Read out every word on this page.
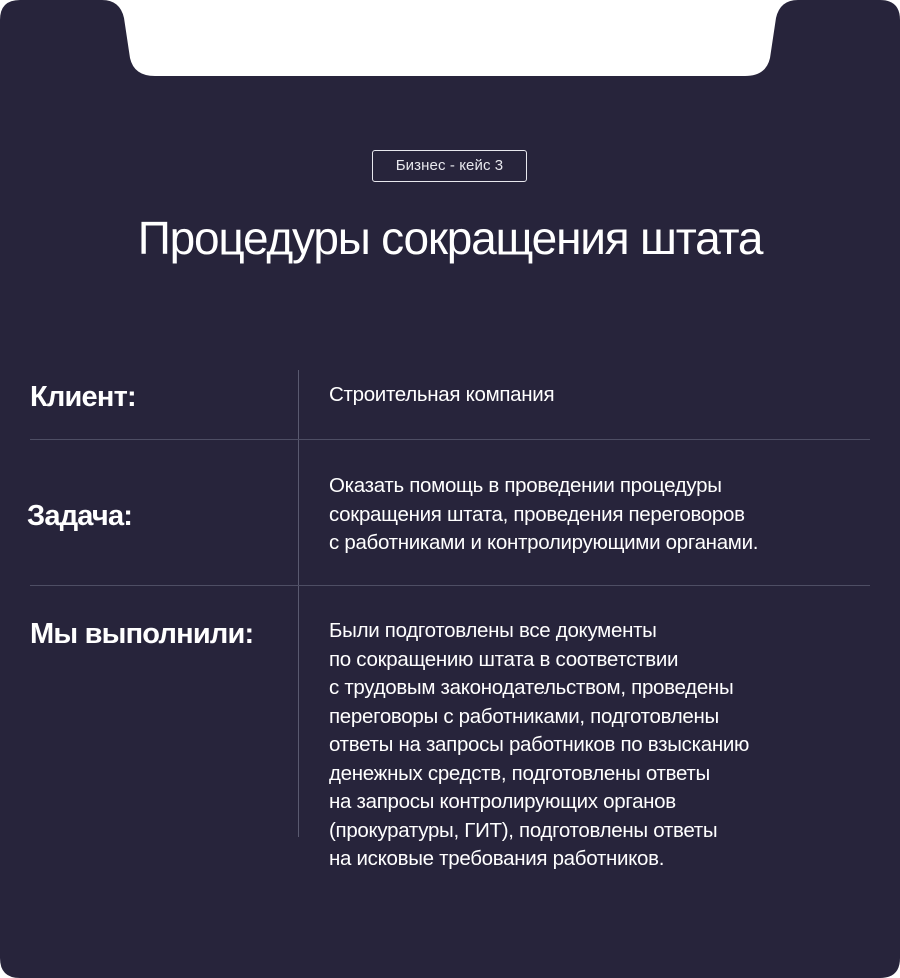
Бизнес - кейс 3
Процедуры сокращения штата
Клиент:	Строительная компания
Задача:
Оказать помощь в проведении процедуры
сокращения штата, проведения переговоров
с работниками и контролирующими органами.
Мы выполнили:	Были подготовлены все документы
по сокращению штата в соответствии
с трудовым законодательством, проведены
переговоры с работниками, подготовлены
ответы на запросы работников по взысканию
денежных средств, подготовлены ответы
на запросы контролирующих органов
(прокуратуры, ГИТ), подготовлены ответы
на исковые требования работников.
